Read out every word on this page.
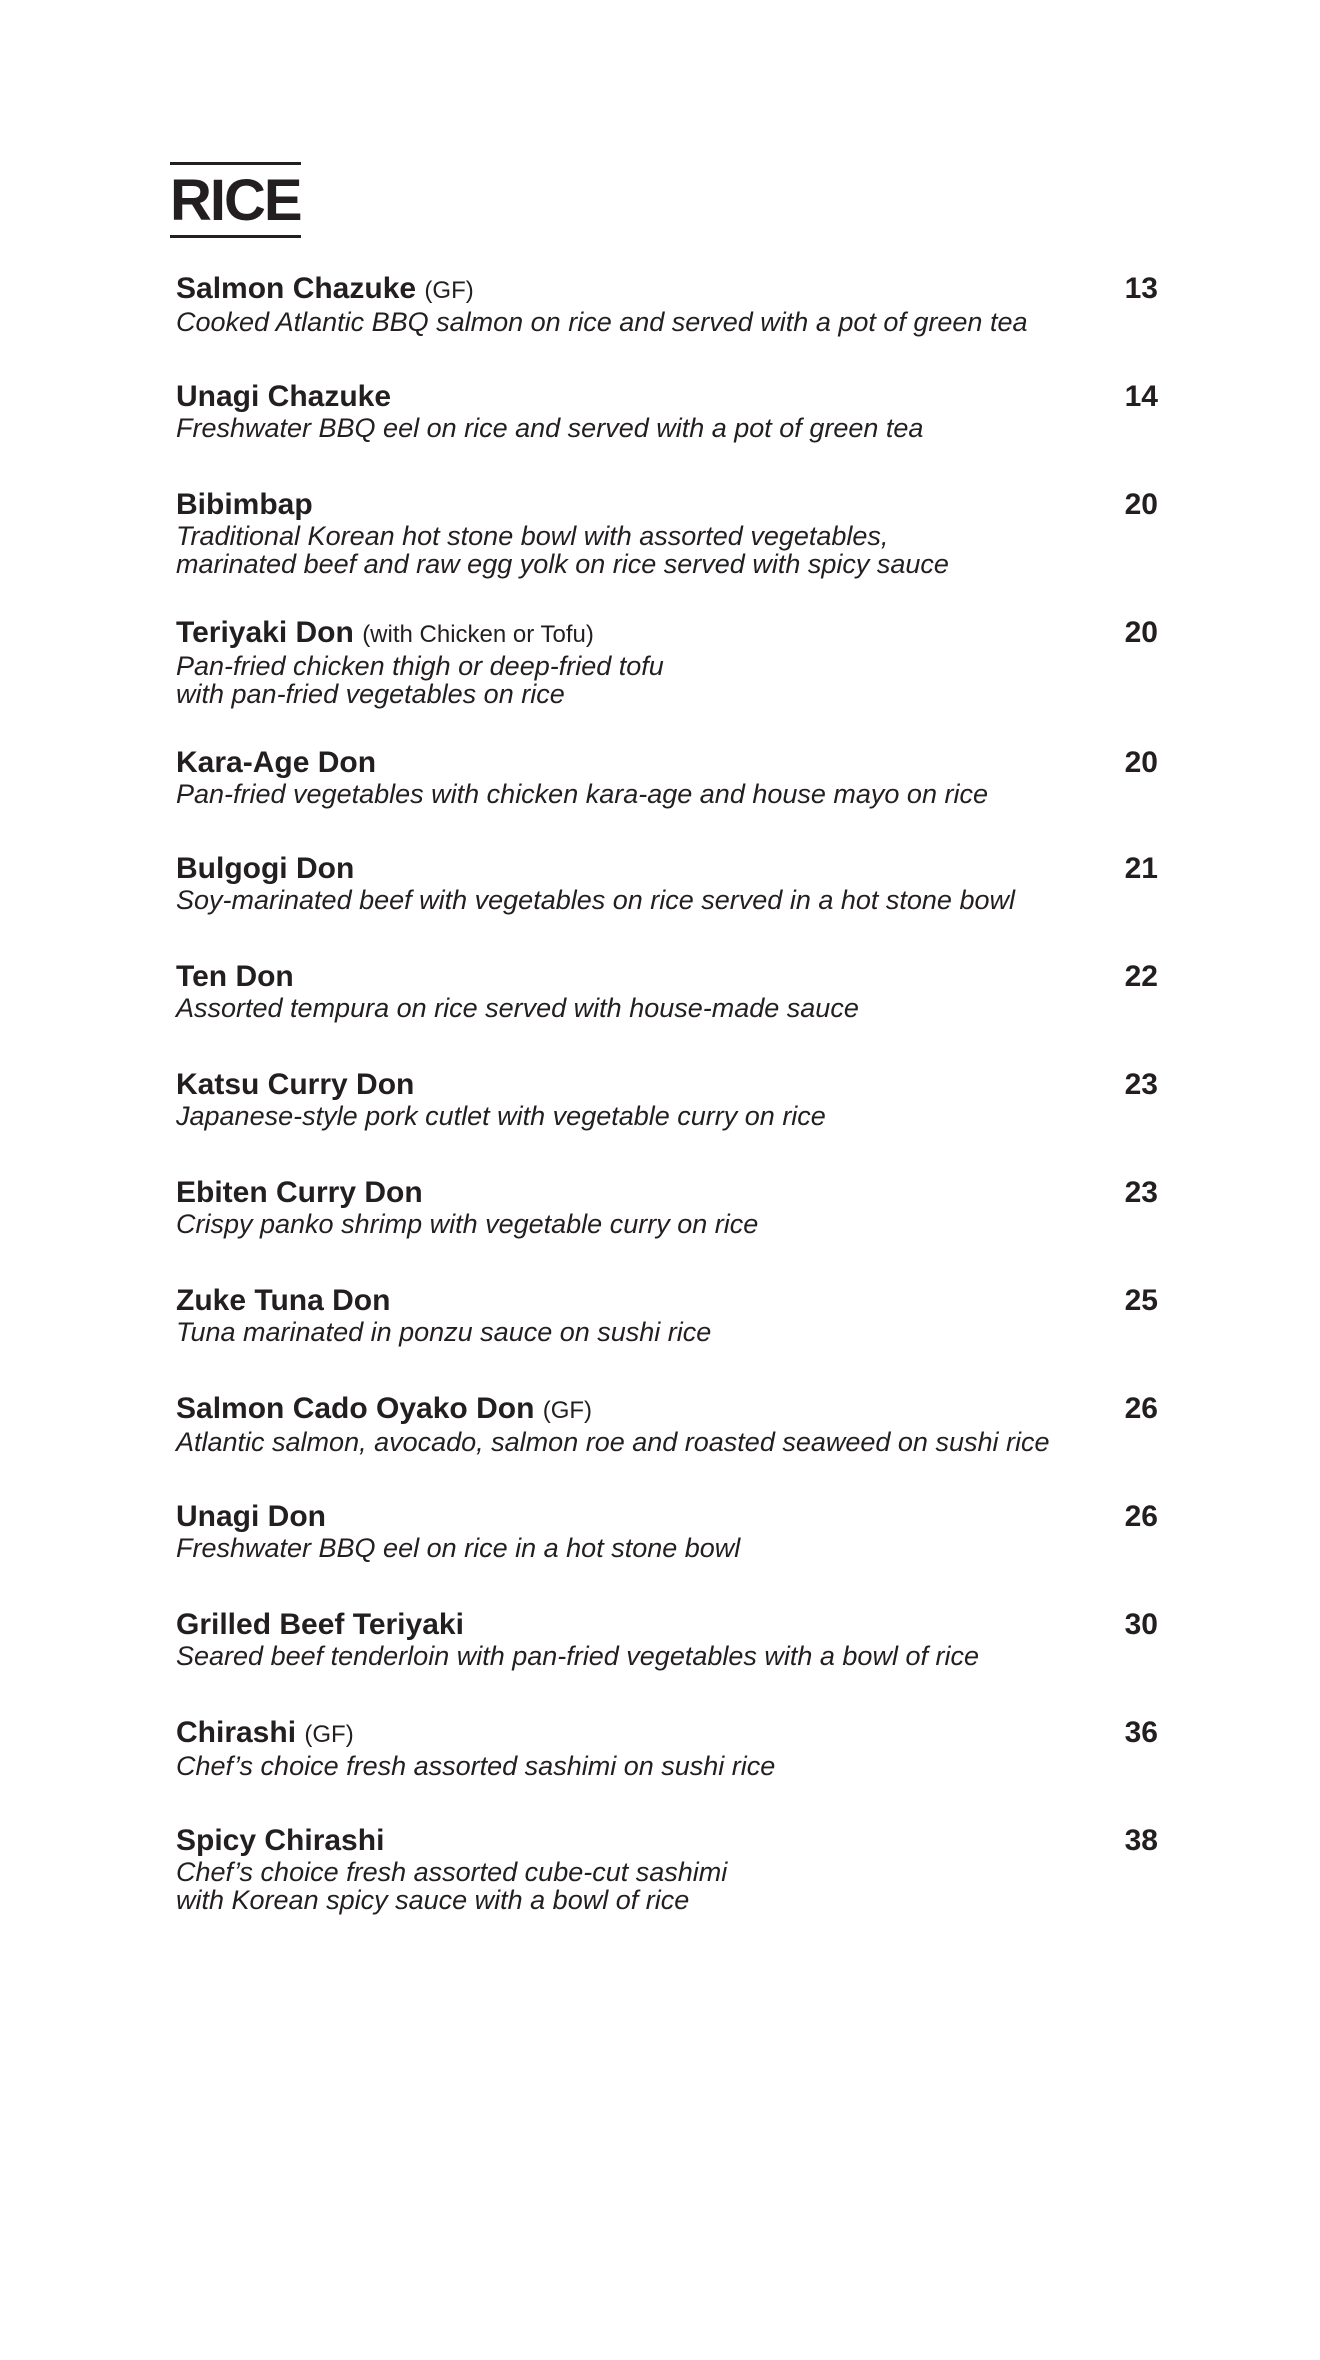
RICE
Salmon Chazuke (GF)
Cooked Atlantic BBQ salmon on rice and served with a pot of green tea
13
Unagi Chazuke
Freshwater BBQ eel on rice and served with a pot of green tea
14
Bibimbap
Traditional Korean hot stone bowl with assorted vegetables,
marinated beef and raw egg yolk on rice served with spicy sauce
20
Teriyaki Don (with Chicken or Tofu)
Pan-fried chicken thigh or deep-fried tofu
with pan-fried vegetables on rice
20
Kara-Age Don
Pan-fried vegetables with chicken kara-age and house mayo on rice
20
Bulgogi Don
Soy-marinated beef with vegetables on rice served in a hot stone bowl
21
Ten Don
Assorted tempura on rice served with house-made sauce
22
Katsu Curry Don
Japanese-style pork cutlet with vegetable curry on rice
23
Ebiten Curry Don
Crispy panko shrimp with vegetable curry on rice
23
Zuke Tuna Don
Tuna marinated in ponzu sauce on sushi rice
25
Salmon Cado Oyako Don (GF)
Atlantic salmon, avocado, salmon roe and roasted seaweed on sushi rice
26
Unagi Don
Freshwater BBQ eel on rice in a hot stone bowl
26
Grilled Beef Teriyaki
Seared beef tenderloin with pan-fried vegetables with a bowl of rice
30
Chirashi (GF)
Chef’s choice fresh assorted sashimi on sushi rice
36
Spicy Chirashi
Chef’s choice fresh assorted cube-cut sashimi
with Korean spicy sauce with a bowl of rice
38
